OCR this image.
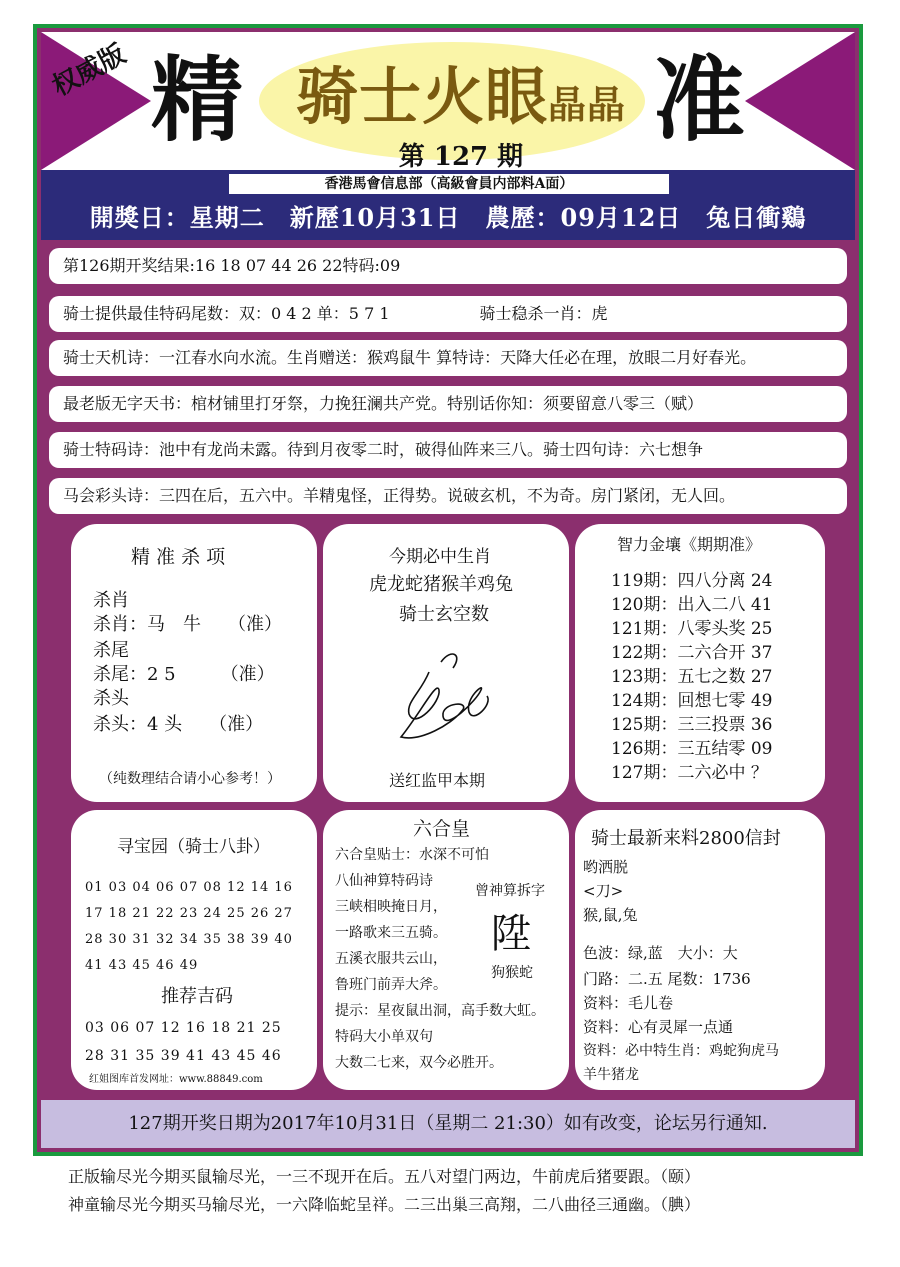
权威版 精	准
骑士火眼晶晶
第 127 期
香港馬會信息部（高級會員内部料A面）
開獎日：星期二　新歷10月31日　農歷：09月12日　兔日衝鷄
第126期开奖结果:16 18 07 44 26 22特码:09
骑士提供最佳特码尾数：双：0 4 2 单：5 7 1	骑士稳杀一肖：虎
骑士天机诗：一江春水向水流。生肖赠送：猴鸡鼠牛 算特诗：天降大任必在理，放眼二月好春光。
最老版无字天书：棺材铺里打牙祭，力挽狂澜共产党。特别话你知：须要留意八零三（赋）
骑士特码诗：池中有龙尚未露。待到月夜零二时，破得仙阵来三八。骑士四句诗：六七想争
马会彩头诗：三四在后，五六中。羊精鬼怪，正得势。说破玄机，不为奇。房门紧闭，无人回。
精 准 杀 项
杀肖
杀肖：马　牛　　（准）
杀尾
杀尾：2 5　　　（准）
杀头
杀头：4 头　　（准）
（纯数理结合请小心参考！）
今期必中生肖
虎龙蛇猪猴羊鸡兔
骑士玄空数
送红监甲本期
智力金壤《期期准》
119期：四八分离 24
120期：出入二八 41
121期：八零头奖 25
122期：二六合开 37
123期：五七之数 27
124期：回想七零 49
125期：三三投票 36
126期：三五结零 09
127期：二六必中 ？
寻宝园（骑士八卦）
01 03 04 06 07 08 12 14 16
17 18 21 22 23 24 25 26 27
28 30 31 32 34 35 38 39 40
41 43 45 46 49
推荐吉码
03 06 07 12 16 18 21 25
28 31 35 39 41 43 45 46
红姐图库首发网址：www.88849.com
六合皇
六合皇贴士：水深不可怕
八仙神算特码诗
三峡相映掩日月，
一路歌来三五骑。
五溪衣服共云山，
鲁班门前弄大斧。
提示：星夜鼠出洞，高手数大虹。
特码大小单双句
大数二七来，双今必胜开。
曾神算拆字
陞
狗猴蛇
骑士最新来料2800信封
哟洒脱
<刀>
猴,鼠,兔
色波：绿,蓝　大小：大
门路：二.五 尾数：1736
资料：毛儿卷
资料：心有灵犀一点通
资料：必中特生肖：鸡蛇狗虎马
羊牛猪龙
127期开奖日期为2017年10月31日（星期二 21:30）如有改变，论坛另行通知.
正版输尽光今期买鼠输尽光，一三不现开在后。五八对望门两边，牛前虎后猪要跟。（颐）
神童输尽光今期买马输尽光，一六降临蛇呈祥。二三出巢三高翔，二八曲径三通幽。（腆）
